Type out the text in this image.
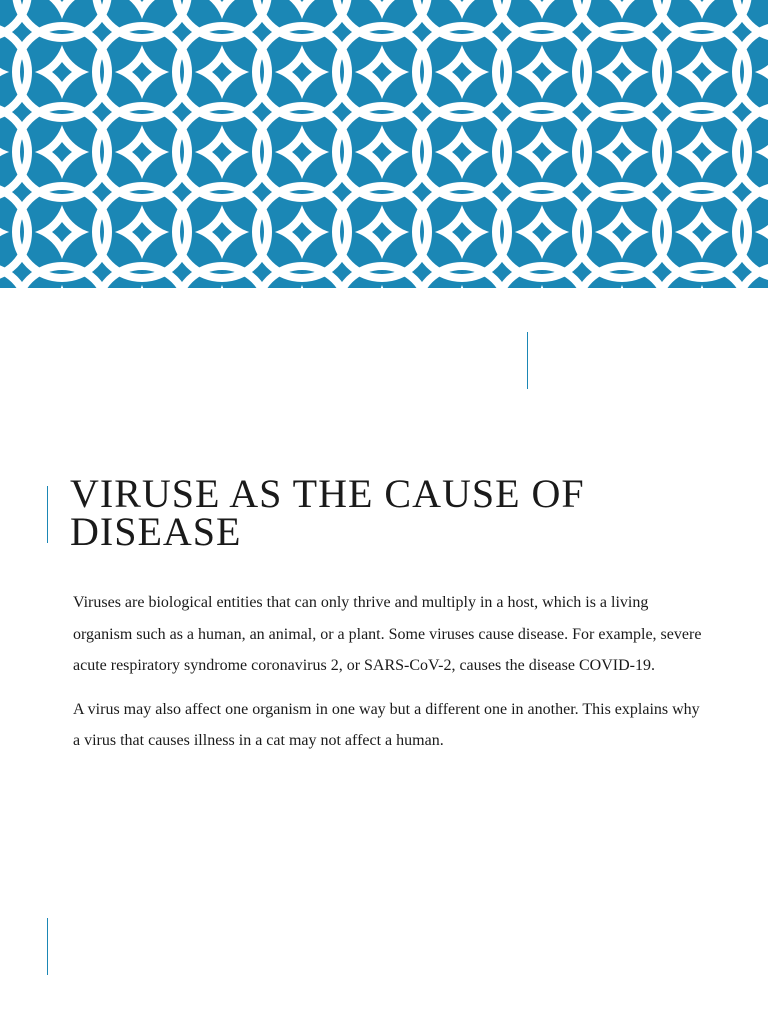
VIRUSE AS THE CAUSE OF DISEASE

Viruses are biological entities that can only thrive and multiply in a host, which is a living organism such as a human, an animal, or a plant. Some viruses cause disease. For example, severe acute respiratory syndrome coronavirus 2, or SARS-CoV-2, causes the disease COVID-19.

A virus may also affect one organism in one way but a different one in another. This explains why a virus that causes illness in a cat may not affect a human.
